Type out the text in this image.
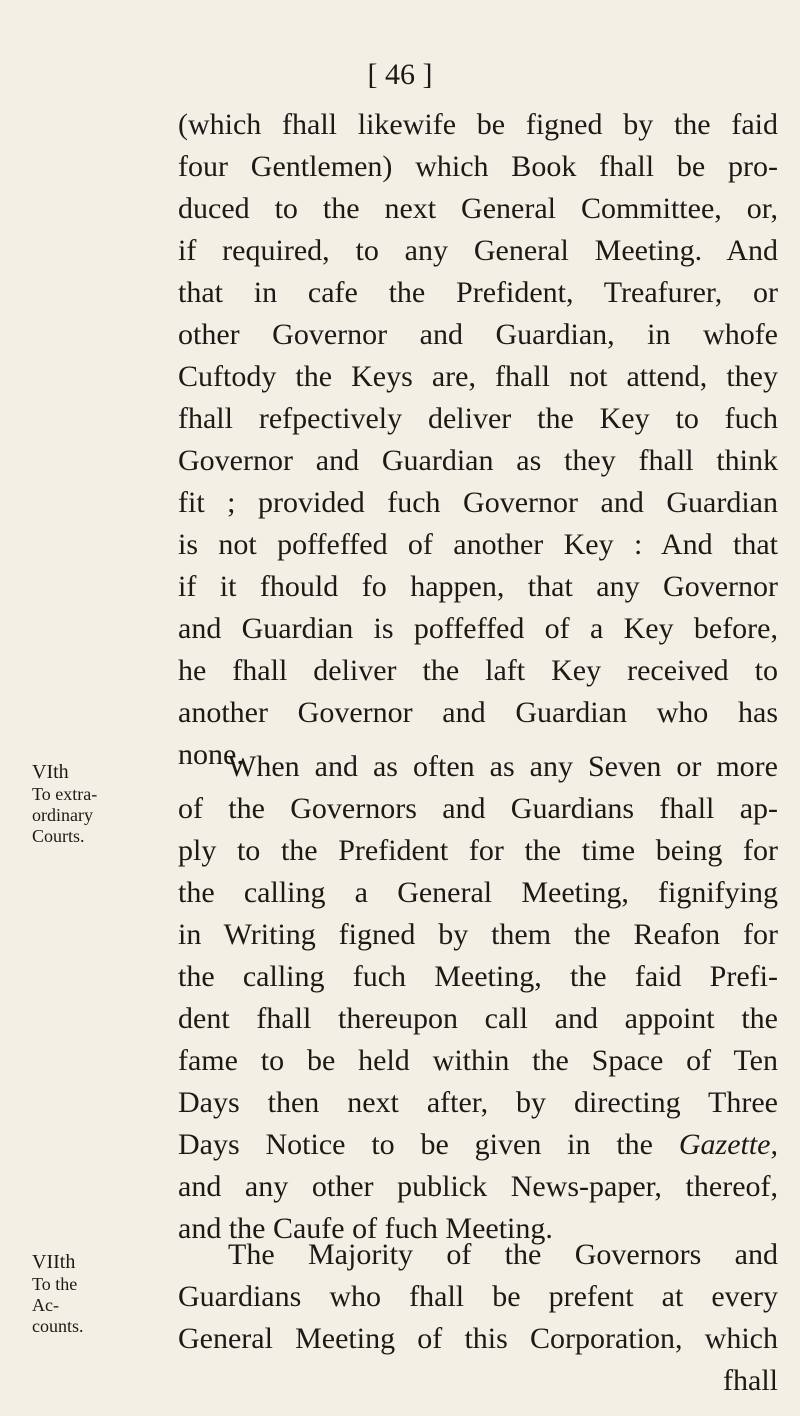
[ 46 ]
(which fhall likewife be figned by the faid
four Gentlemen) which Book fhall be pro-
duced to the next General Committee, or,
if required, to any General Meeting. And
that in cafe the Prefident, Treafurer, or
other Governor and Guardian, in whofe
Cuftody the Keys are, fhall not attend, they
fhall refpectively deliver the Key to fuch
Governor and Guardian as they fhall think
fit ; provided fuch Governor and Guardian
is not poffeffed of another Key : And that
if it fhould fo happen, that any Governor
and Guardian is poffeffed of a Key before,
he fhall deliver the laft Key received to
another Governor and Guardian who has
none.
VIth
To extra-
ordinary
Courts.
When and as often as any Seven or more
of the Governors and Guardians fhall ap-
ply to the Prefident for the time being for
the calling a General Meeting, fignifying
in Writing figned by them the Reafon for
the calling fuch Meeting, the faid Prefi-
dent fhall thereupon call and appoint the
fame to be held within the Space of Ten
Days then next after, by directing Three
Days Notice to be given in the Gazette,
and any other publick News-paper, thereof,
and the Caufe of fuch Meeting.
VIIth
To the
Ac-
counts.
The Majority of the Governors and
Guardians who fhall be prefent at every
General Meeting of this Corporation, which
fhall
